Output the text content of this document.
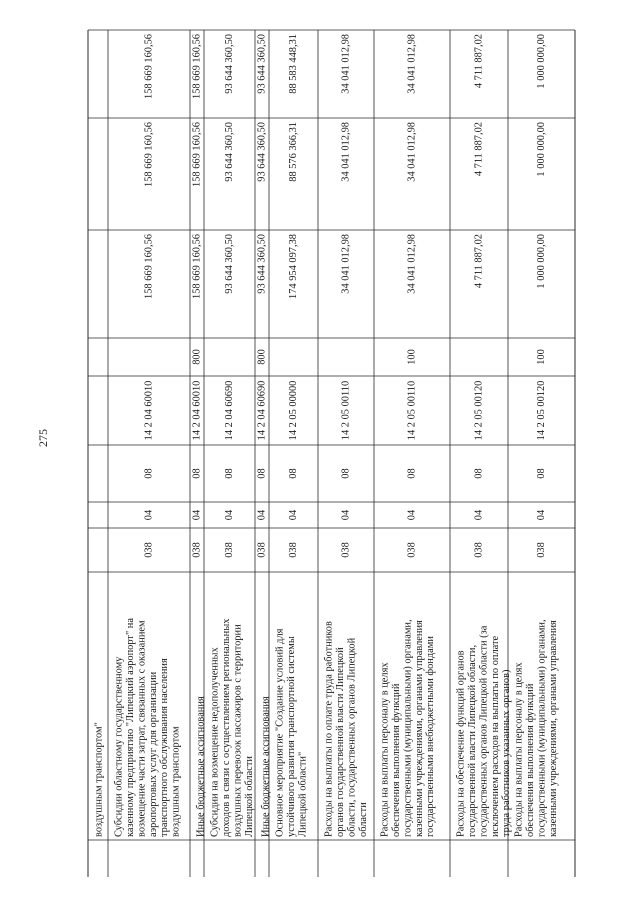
275
воздушным транспортом" Субсидии областному государственному казенному предприятию "Липецкий аэропорт" на возмещение части затрат, связанных с оказанием аэропортовых услуг для организации транспортного обслуживания населения воздушным транспортом
038
04
08
14 2 04 60010
158 669 160,56
158 669 160,56
158 669 160,56
Иные бюджетные ассигнования
038
04
08
14 2 04 60010
800
158 669 160,56
158 669 160,56
158 669 160,56
Субсидии на возмещение недополученных доходов в связи с осуществлением региональных воздушных перевозок пассажиров с территории Липецкой области
038
04
08
14 2 04 60690
93 644 360,50
93 644 360,50
93 644 360,50
Иные бюджетные ассигнования
038
04
08
14 2 04 60690
800
93 644 360,50
93 644 360,50
93 644 360,50
Основное мероприятие "Создание условий для устойчивого развития транспортной системы Липецкой области"
038
04
08
14 2 05 00000
174 954 097,38
88 576 366,31
88 583 448,31
Расходы на выплаты по оплате труда работников органов государственной власти Липецкой области, государственных органов Липецкой области
038
04
08
14 2 05 00110
34 041 012,98
34 041 012,98
34 041 012,98
Расходы на выплаты персоналу в целях обеспечения выполнения функций государственными (муниципальными) органами, казенными учреждениями, органами управления государственными внебюджетными фондами
038
04
08
14 2 05 00110
100
34 041 012,98
34 041 012,98
34 041 012,98
Расходы на обеспечение функций органов государственной власти Липецкой области, государственных органов Липецкой области (за исключением расходов на выплаты по оплате труда работников указанных органов)
038
04
08
14 2 05 00120
4 711 887,02
4 711 887,02
4 711 887,02
Расходы на выплаты персоналу в целях обеспечения выполнения функций государственными (муниципальными) органами, казенными учреждениями, органами управления
038
04
08
14 2 05 00120
100
1 000 000,00
1 000 000,00
1 000 000,00
